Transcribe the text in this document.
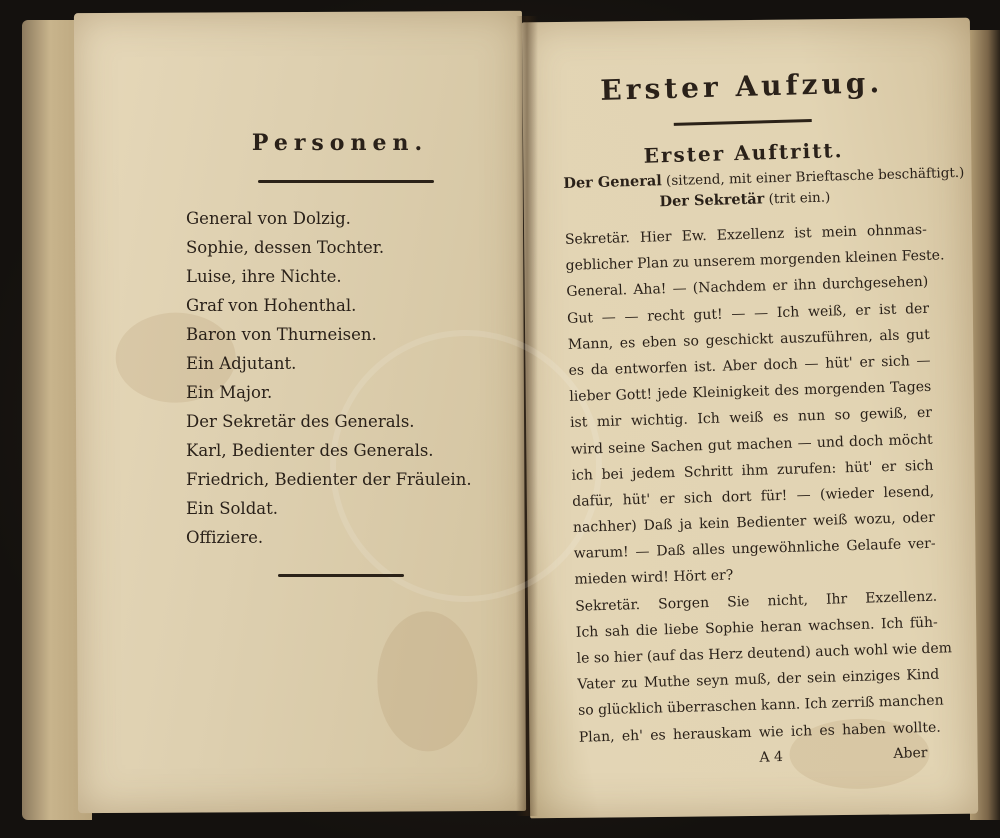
Personen.
General von Dolzig.
Sophie, dessen Tochter.
Luise, ihre Nichte.
Graf von Hohenthal.
Baron von Thurneisen.
Ein Adjutant.
Ein Major.
Der Sekretär des Generals.
Karl, Bedienter des Generals.
Friedrich, Bedienter der Fräulein.
Ein Soldat.
Offiziere.
Erster Aufzug.
Erster Auftritt.
Der General (sitzend, mit einer Brieftasche beschäftigt.)
Der Sekretär (trit ein.)
Sekretär. Hier Ew. Exzellenz ist mein ohnmas-
geblicher Plan zu unserem morgenden kleinen Feste.
General. Aha! — (Nachdem er ihn durchgesehen)
Gut — — recht gut! — — Ich weiß, er ist der
Mann, es eben so geschickt auszuführen, als gut
es da entworfen ist. Aber doch — hüt' er sich —
lieber Gott! jede Kleinigkeit des morgenden Tages
ist mir wichtig. Ich weiß es nun so gewiß, er
wird seine Sachen gut machen — und doch möcht
ich bei jedem Schritt ihm zurufen: hüt' er sich
dafür, hüt' er sich dort für! — (wieder lesend,
nachher) Daß ja kein Bedienter weiß wozu, oder
warum! — Daß alles ungewöhnliche Gelaufe ver-
mieden wird! Hört er?
Sekretär. Sorgen Sie nicht, Ihr Exzellenz.
Ich sah die liebe Sophie heran wachsen. Ich füh-
le so hier (auf das Herz deutend) auch wohl wie dem
Vater zu Muthe seyn muß, der sein einziges Kind
so glücklich überraschen kann. Ich zerriß manchen
Plan, eh' es herauskam wie ich es haben wollte.
A 4	Aber
